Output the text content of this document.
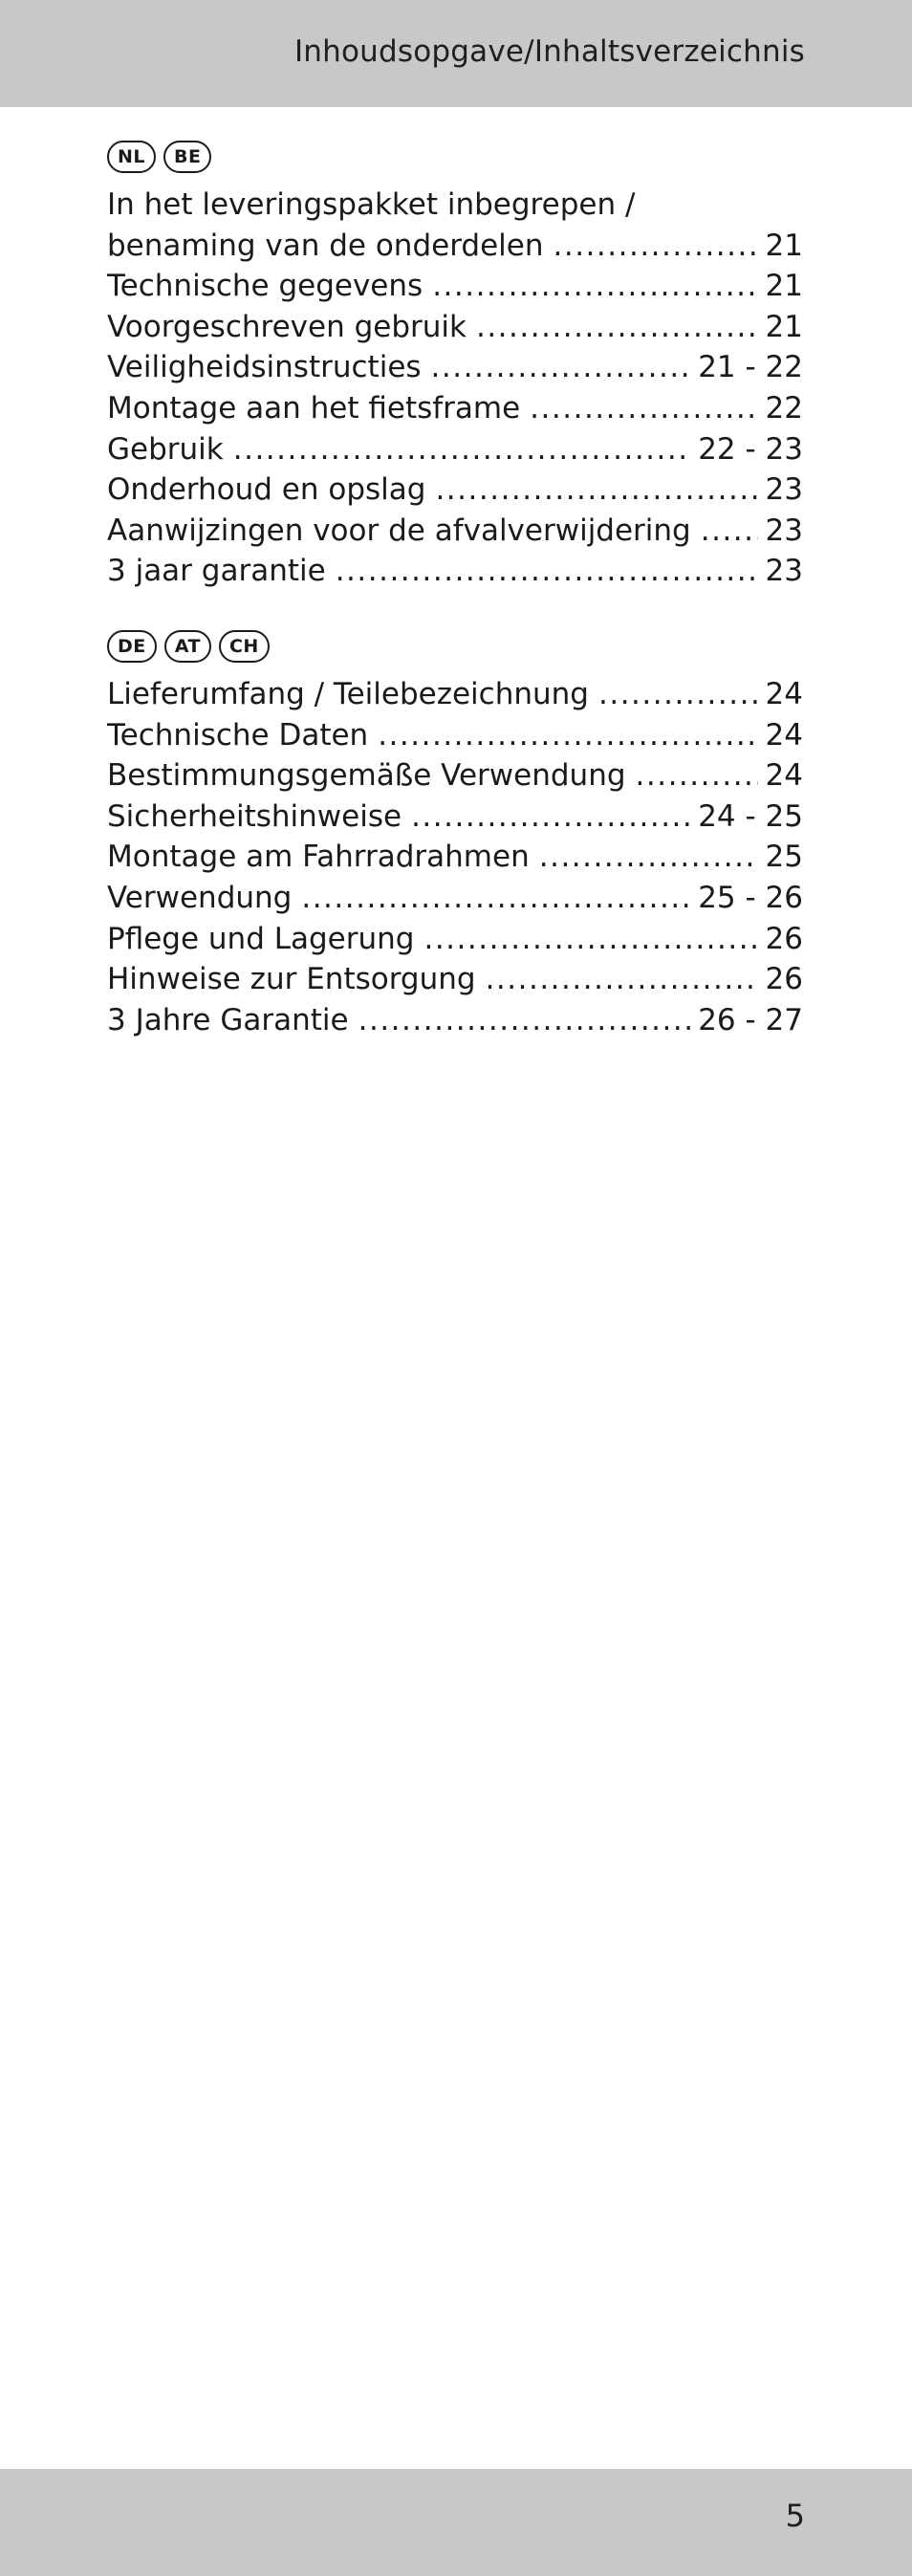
Inhoudsopgave/Inhaltsverzeichnis
NL	BE
In het leveringspakket inbegrepen /
benaming van de onderdelen .....	21
Technische gegevens .....	21
Voorgeschreven gebruik .....	21
Veiligheidsinstructies .....	21 - 22
Montage aan het fietsframe .....	22
Gebruik .....	22 - 23
Onderhoud en opslag .....	23
Aanwijzingen voor de afvalverwijdering .....	23
3 jaar garantie .....	23
DE	AT	CH
Lieferumfang / Teilebezeichnung .....	24
Technische Daten .....	24
Bestimmungsgemäße Verwendung .....	24
Sicherheitshinweise .....	24 - 25
Montage am Fahrradrahmen .....	25
Verwendung .....	25 - 26
Pflege und Lagerung .....	26
Hinweise zur Entsorgung .....	26
3 Jahre Garantie .....	26 - 27
5
